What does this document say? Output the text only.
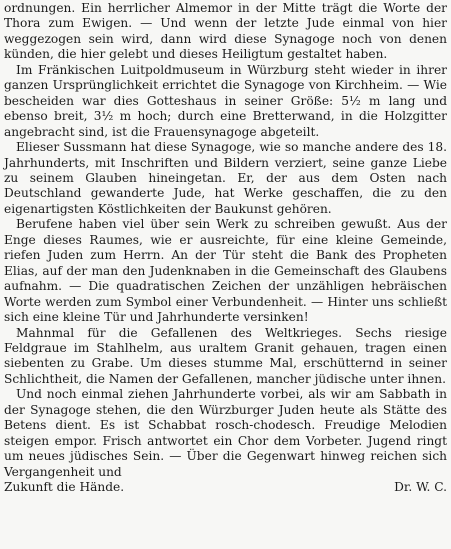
ordnungen. Ein herrlicher Almemor in der Mitte trägt die Worte der Thora zum Ewigen. — Und wenn der letzte Jude einmal von hier weggezogen sein wird, dann wird diese Synagoge noch von denen künden, die hier gelebt und dieses Heiligtum gestaltet haben.

Im Fränkischen Luitpoldmuseum in Würzburg steht wieder in ihrer ganzen Ursprünglichkeit errichtet die Synagoge von Kirchheim. — Wie bescheiden war dies Gotteshaus in seiner Größe: 5½ m lang und ebenso breit, 3½ m hoch; durch eine Bretterwand, in die Holzgitter angebracht sind, ist die Frauensynagoge abgeteilt.

Elieser Sussmann hat diese Synagoge, wie so manche andere des 18. Jahrhunderts, mit Inschriften und Bildern verziert, seine ganze Liebe zu seinem Glauben hineingetan. Er, der aus dem Osten nach Deutschland gewanderte Jude, hat Werke geschaffen, die zu den eigenartigsten Köstlichkeiten der Baukunst gehören.

Berufene haben viel über sein Werk zu schreiben gewußt. Aus der Enge dieses Raumes, wie er ausreichte, für eine kleine Gemeinde, riefen Juden zum Herrn. An der Tür steht die Bank des Propheten Elias, auf der man den Judenknaben in die Gemeinschaft des Glaubens aufnahm. — Die quadratischen Zeichen der unzähligen hebräischen Worte werden zum Symbol einer Verbundenheit. — Hinter uns schließt sich eine kleine Tür und Jahrhunderte versinken!

Mahnmal für die Gefallenen des Weltkrieges. Sechs riesige Feldgraue im Stahlhelm, aus uraltem Granit gehauen, tragen einen siebenten zu Grabe. Um dieses stumme Mal, erschütternd in seiner Schlichtheit, die Namen der Gefallenen, mancher jüdische unter ihnen.

Und noch einmal ziehen Jahrhunderte vorbei, als wir am Sabbath in der Synagoge stehen, die den Würzburger Juden heute als Stätte des Betens dient. Es ist Schabbat rosch-chodesch. Freudige Melodien steigen empor. Frisch antwortet ein Chor dem Vorbeter. Jugend ringt um neues jüdisches Sein. — Über die Gegenwart hinweg reichen sich Vergangenheit und

Zukunft die Hände.	Dr. W. C.
